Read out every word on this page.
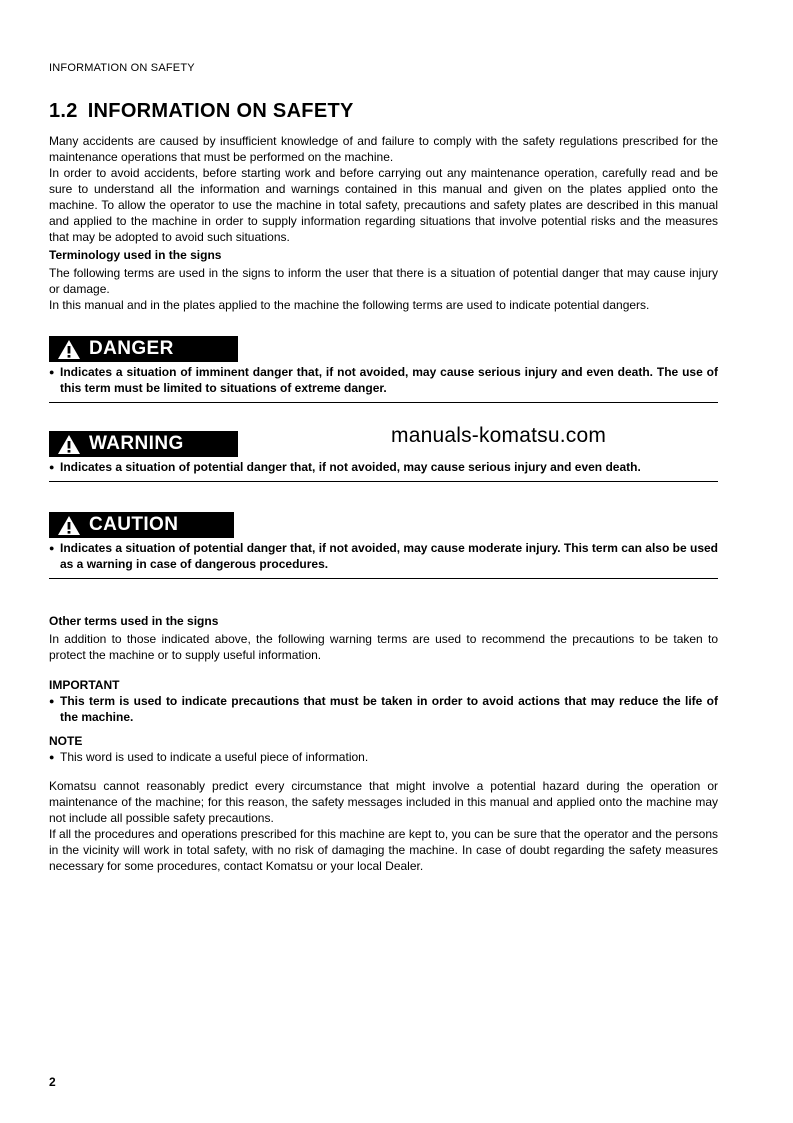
INFORMATION ON SAFETY
1.2 INFORMATION ON SAFETY

Many accidents are caused by insufficient knowledge of and failure to comply with the safety regulations prescribed for the maintenance operations that must be performed on the machine.

In order to avoid accidents, before starting work and before carrying out any maintenance operation, carefully read and be sure to understand all the information and warnings contained in this manual and given on the plates applied onto the machine. To allow the operator to use the machine in total safety, precautions and safety plates are described in this manual and applied to the machine in order to supply information regarding situations that involve potential risks and the measures that may be adopted to avoid such situations.

Terminology used in the signs

The following terms are used in the signs to inform the user that there is a situation of potential danger that may cause injury or damage.

In this manual and in the plates applied to the machine the following terms are used to indicate potential dangers.

DANGER
● Indicates a situation of imminent danger that, if not avoided, may cause serious injury and even death. The use of this term must be limited to situations of extreme danger.
WARNING
● Indicates a situation of potential danger that, if not avoided, may cause serious injury and even death.
manuals-komatsu.com
CAUTION
● Indicates a situation of potential danger that, if not avoided, may cause moderate injury. This term can also be used as a warning in case of dangerous procedures.

Other terms used in the signs

In addition to those indicated above, the following warning terms are used to recommend the precautions to be taken to protect the machine or to supply useful information.

IMPORTANT

● This term is used to indicate precautions that must be taken in order to avoid actions that may reduce the life of the machine.

NOTE

● This word is used to indicate a useful piece of information.

Komatsu cannot reasonably predict every circumstance that might involve a potential hazard during the operation or maintenance of the machine; for this reason, the safety messages included in this manual and applied onto the machine may not include all possible safety precautions.

If all the procedures and operations prescribed for this machine are kept to, you can be sure that the operator and the persons in the vicinity will work in total safety, with no risk of damaging the machine. In case of doubt regarding the safety measures necessary for some procedures, contact Komatsu or your local Dealer.

2
